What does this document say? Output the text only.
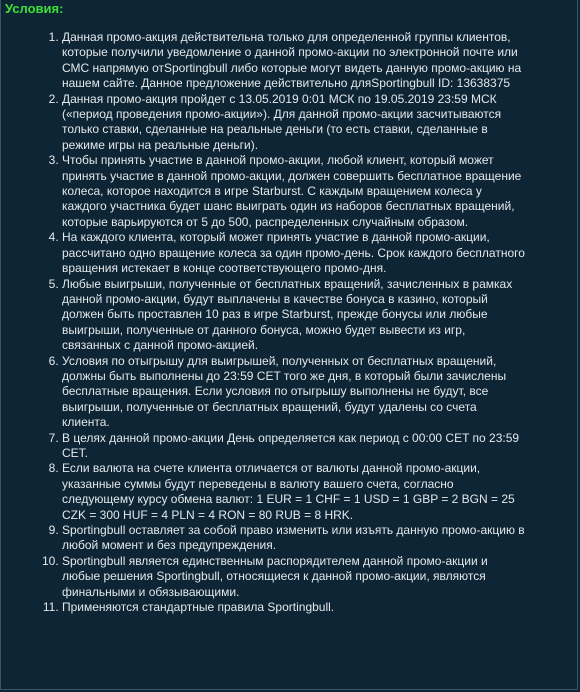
Условия:
1. Данная промо-акция действительна только для определенной группы клиентов, которые получили уведомление о данной промо-акции по электронной почте или СМС напрямую отSportingbull либо которые могут видеть данную промо-акцию на нашем сайте. Данное предложение действительно дляSportingbull ID: 13638375
2. Данная промо-акция пройдет с 13.05.2019 0:01 МСК по 19.05.2019 23:59 МСК («период проведения промо-акции»). Для данной промо-акции засчитываются только ставки, сделанные на реальные деньги (то есть ставки, сделанные в режиме игры на реальные деньги).
3. Чтобы принять участие в данной промо-акции, любой клиент, который может принять участие в данной промо-акции, должен совершить бесплатное вращение колеса, которое находится в игре Starburst. С каждым вращением колеса у каждого участника будет шанс выиграть один из наборов бесплатных вращений, которые варьируются от 5 до 500, распределенных случайным образом.
4. На каждого клиента, который может принять участие в данной промо-акции, рассчитано одно вращение колеса за один промо-день. Срок каждого бесплатного вращения истекает в конце соответствующего промо-дня.
5. Любые выигрыши, полученные от бесплатных вращений, зачисленных в рамках данной промо-акции, будут выплачены в качестве бонуса в казино, который должен быть проставлен 10 раз в игре Starburst, прежде бонусы или любые выигрыши, полученные от данного бонуса, можно будет вывести из игр, связанных с данной промо-акцией.
6. Условия по отыгрышу для выигрышей, полученных от бесплатных вращений, должны быть выполнены до 23:59 CET того же дня, в который были зачислены бесплатные вращения. Если условия по отыгрышу выполнены не будут, все выигрыши, полученные от бесплатных вращений, будут удалены со счета клиента.
7. В целях данной промо-акции День определяется как период с 00:00 CET по 23:59 CET.
8. Если валюта на счете клиента отличается от валюты данной промо-акции, указанные суммы будут переведены в валюту вашего счета, согласно следующему курсу обмена валют: 1 EUR = 1 CHF = 1 USD = 1 GBP = 2 BGN = 25 CZK = 300 HUF = 4 PLN = 4 RON = 80 RUB = 8 HRK.
9. Sportingbull оставляет за собой право изменить или изъять данную промо-акцию в любой момент и без предупреждения.
10. Sportingbull является единственным распорядителем данной промо-акции и любые решения Sportingbull, относящиеся к данной промо-акции, являются финальными и обязывающими.
11. Применяются стандартные правила Sportingbull.
